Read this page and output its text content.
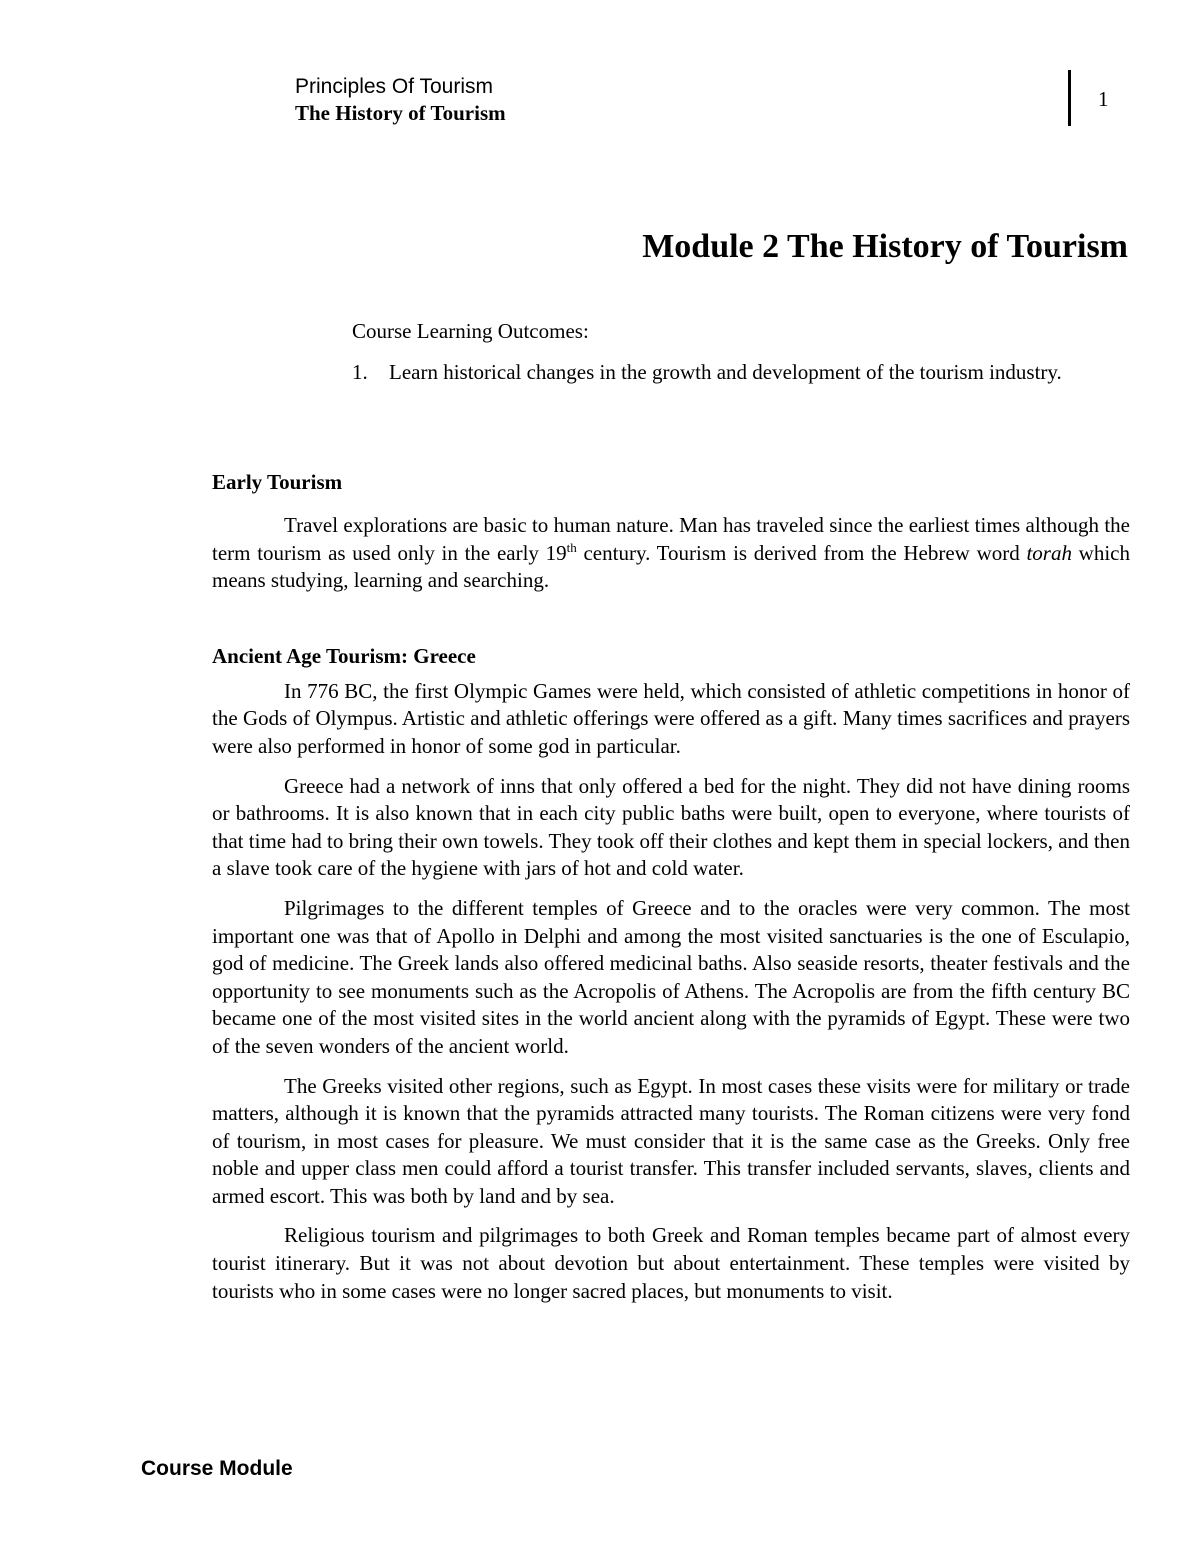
Principles Of Tourism
The History of Tourism
1
Module 2 The History of Tourism
Course Learning Outcomes:
1.	Learn historical changes in the growth and development of the tourism industry.
Early Tourism

Travel explorations are basic to human nature. Man has traveled since the earliest times although the term tourism as used only in the early 19th century. Tourism is derived from the Hebrew word torah which means studying, learning and searching.

Ancient Age Tourism: Greece

In 776 BC, the first Olympic Games were held, which consisted of athletic competitions in honor of the Gods of Olympus. Artistic and athletic offerings were offered as a gift. Many times sacrifices and prayers were also performed in honor of some god in particular.

Greece had a network of inns that only offered a bed for the night. They did not have dining rooms or bathrooms. It is also known that in each city public baths were built, open to everyone, where tourists of that time had to bring their own towels. They took off their clothes and kept them in special lockers, and then a slave took care of the hygiene with jars of hot and cold water.

Pilgrimages to the different temples of Greece and to the oracles were very common. The most important one was that of Apollo in Delphi and among the most visited sanctuaries is the one of Esculapio, god of medicine. The Greek lands also offered medicinal baths. Also seaside resorts, theater festivals and the opportunity to see monuments such as the Acropolis of Athens. The Acropolis are from the fifth century BC became one of the most visited sites in the world ancient along with the pyramids of Egypt. These were two of the seven wonders of the ancient world.

The Greeks visited other regions, such as Egypt. In most cases these visits were for military or trade matters, although it is known that the pyramids attracted many tourists. The Roman citizens were very fond of tourism, in most cases for pleasure. We must consider that it is the same case as the Greeks. Only free noble and upper class men could afford a tourist transfer. This transfer included servants, slaves, clients and armed escort. This was both by land and by sea.

Religious tourism and pilgrimages to both Greek and Roman temples became part of almost every tourist itinerary. But it was not about devotion but about entertainment. These temples were visited by tourists who in some cases were no longer sacred places, but monuments to visit.

Course Module
